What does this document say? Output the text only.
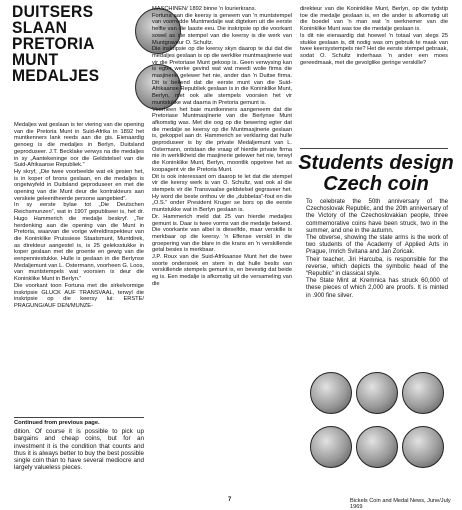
DUITSERS SLAAN
PRETORIA MUNT
MEDALJES

Medaljes wat geslaan is ter viering van die opening van die Pretoria Munt in Suid-Afrika in 1892 het muntkenners lank reeds aan die gis. Eienaardig genoeg is die medaljes in Berlyn, Duitsland geproduseer. J.T. Becklake verwys na die medaljes in sy „Aantekeninge oor die Geldstelsel van die Suid-Afrikaanse Republiek.”

Hy skryf, „Die twee voorbeelde wat ek gesien het, is in koper of brons geslaan, en die medaljes is ongetwyfeld in Duitsland geproduseer en met die opening van die Munt deur die kontrakteurs aan verskeie geleentheerde persone aangebied”.

In sy eerste bylae tot „Die Deutschen Reichsmunzen”, wat in 1907 gepubliseer is, het dr. Hugo Hammerich die medalje beskryf. „Ter herdenking aan die opening van die Munt in Pretoria, waarvan die vorige wêreldinspekteur van die Koninklike Pruissiese Staatsmunt, Muntdirek, as direkteur aangestel is, is 25 geleksstukke in koper geslaan met die groente en gewig van die eenpenniestukke. Hulle is geslaan in die Berlynse Medaljemunt van L. Ostermann, voorheen G. Loos, van muntstempels wat voorsien is deur die Koninklike Munt in Berlyn.”

Die voorkant toon Fortuna met die sirkelvormige inskripsie GLUCK AUF TRANSVAAL, terwyl die inskripsie op die keersy lui: ERSTE/ PRAGUNG/AUF DEN/MUNZE-

Continued from previous page.
dition. Of course it is possible to pick up bargains and cheap coins, but for an investment it is the condition that counts and thus it is always better to buy the best possible single coin than to have several mediocre and largely valueless pieces.

MASCHINEN/ 1892 binne 'n lourierkrans.

Fortuna aan die keersy is geneem van 'n muntstempel van voorredde Muntmedalje wat digteken uit die eerste helfte van die laaste eeu. Die inskripsie op die voorkant sowel as die stempel van die keersy is die werk van Muntgraveur O. Schultz.

Die inskripsie op die keersy skyn daarop te dui dat die medaljes geslaan is op die werklike muntmasjinerie wat vir die Pretoriase Munt gekoop is. Geen verwysing kan is egter werke gevind wat wat meedi wolie firma die masjinerie gelewer het nie, ander dan 'n Duitse firma. Dit is bekend dat die eerste munt van die Suid-Afrikaanse Republiek geslaan is in die Koninklike Munt, Berlyn, met ook alle stempels voorsien het vir muntstukke wat daarna in Pretoria gemunt is.

Voorheen het baie muntkenners aangeneem dat die Pretoriase Muntmasjinerie van die Berlynse Munt afkomstig was. Met die oog op die bewering egter dat die medalje se keersy op die Muntmasjinerie geslaan is, gekoppel aan dr. Hammerich se verklaring dat hulle geproduseer is by die private Medaljemunt van L. Ostermann, ontstaan die vraag of hierdie private firma nie in werklikheid die masjinerie gelewer het nie, terwyl die Koninklike Munt, Berlyn, moontlik opgetree het as koopagent vir die Pretoria Munt.

Dit is ook interessant om daarop te let dat die stempel vir die keersy werk is van O. Schultz, wat ook al die stempels vir die Transvaalse geldstelsel gegraveer het. Hy word die beste onthou vir die „dubbelas”-fout en die „O.S.” onder President Kruger se bors op die eerste muntstukke wat in Berlyn geslaan is.

Dr. Hammerich meld dat 25 van hierdie medaljes gemunt is. Daar is twee vorms van die medalje bekend. Die voorkante van albei is dieselfde, maar verskille is merkbaar op die keersy. 'n Effense verskil in die groepering van die blare in die krans en 'n verskillende getal besies is merkbaar.

J.P. Roux van die Suid-Afrikaanse Munt het die twee soorte ondersoek en stem in dat hulle beslis van verskillende stempels gemunt is, en bevestig dat beide eg is. Een medalje is afkomstig uit die versameling van die

direkteur van die Koninklike Munt, Berlyn, op die tydstip toe die medalje geslaan is, en die ander is afkomstig uit die boedel van 'n man wat 'n werknemer van die Koninklike Munt was toe die medalje geslaan is.

Is dit nie eienaardig dat hoewel 'n totaal van slegs 25 stukke geslaan is, dit nodig was om gebruik te maak van twee keersystempels nie? Het die eerste stempel gebraak, sodat O. Schultz inderhaas 'n ander een moes gereedmaak, met die gevolglike geringe verskille?

Students design
Czech coin

To celebrate the 50th anniversary of the Czechoslovak Republic, and the 20th anniversary of the Victory of the Czechoslovakian people, three commemorative coins have been struck, two in the summer, and one in the autumn.

The obverse, showing the state arms is the work of two students of the Academy of Applied Arts in Prague, Imrich Svitana and Jan Zoricak.

Their teacher, Jiri Harcuba, is responsible for the reverse, which depicts the symbolic head of the “Republic” in classical style.

The State Mint at Kremnica has struck 60,000 of these pieces of which 2,000 are proofs. It is minted in .900 fine silver.

7	Bickels Coin and Medal News, June/July 1969
